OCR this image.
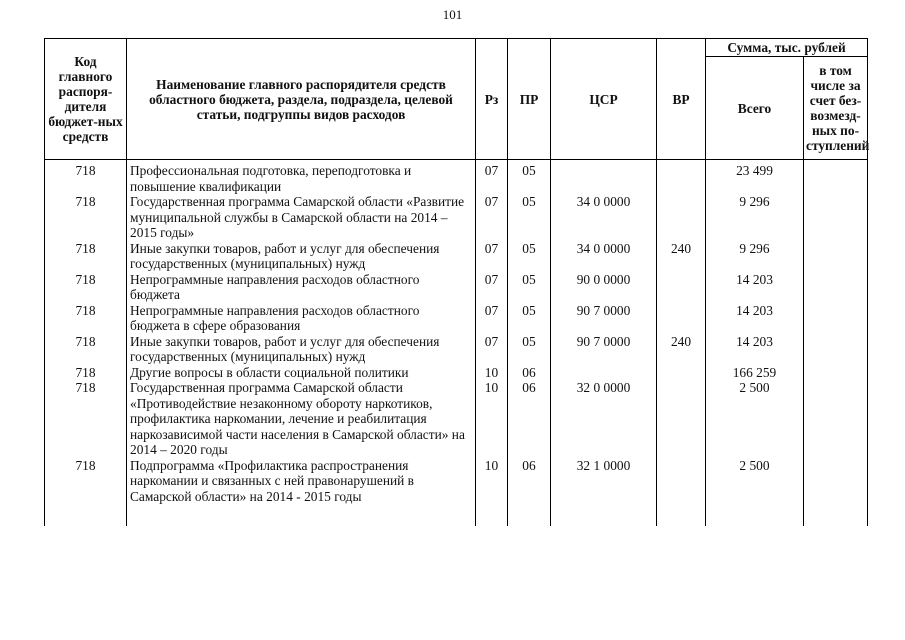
101
Код главного распоря-дителя бюджет-ных средств	Наименование главного распорядителя средств областного бюджета, раздела, подраздела, целевой статьи, подгруппы видов расходов	Рз	ПР	ЦСР	ВР	Сумма, тыс. рублей	
						Всего	в том числе за счет без-возмезд-ных по-ступлений

718	Профессиональная подготовка, переподготовка и повышение квалификации	07	05			23 499	
718	Государственная программа Самарской области «Развитие муниципальной службы в Самарской области на 2014 – 2015 годы»	07	05	34 0 0000		9 296	
718	Иные закупки товаров, работ и услуг для обеспечения государственных (муниципальных) нужд	07	05	34 0 0000	240	9 296	
718	Непрограммные направления расходов областного бюджета	07	05	90 0 0000		14 203	
718	Непрограммные направления расходов областного бюджета в сфере образования	07	05	90 7 0000		14 203	
718	Иные закупки товаров, работ и услуг для обеспечения государственных (муниципальных) нужд	07	05	90 7 0000	240	14 203	
718	Другие вопросы в области социальной политики	10	06			166 259	
718	Государственная программа Самарской области «Противодействие незаконному обороту наркотиков, профилактика наркомании, лечение и реабилитация наркозависимой части населения в Самарской области» на 2014 – 2020 годы	10	06	32 0 0000		2 500	
718	Подпрограмма «Профилактика распространения наркомании и связанных с ней правонарушений в Самарской области» на 2014 - 2015 годы	10	06	32 1 0000		2 500	
